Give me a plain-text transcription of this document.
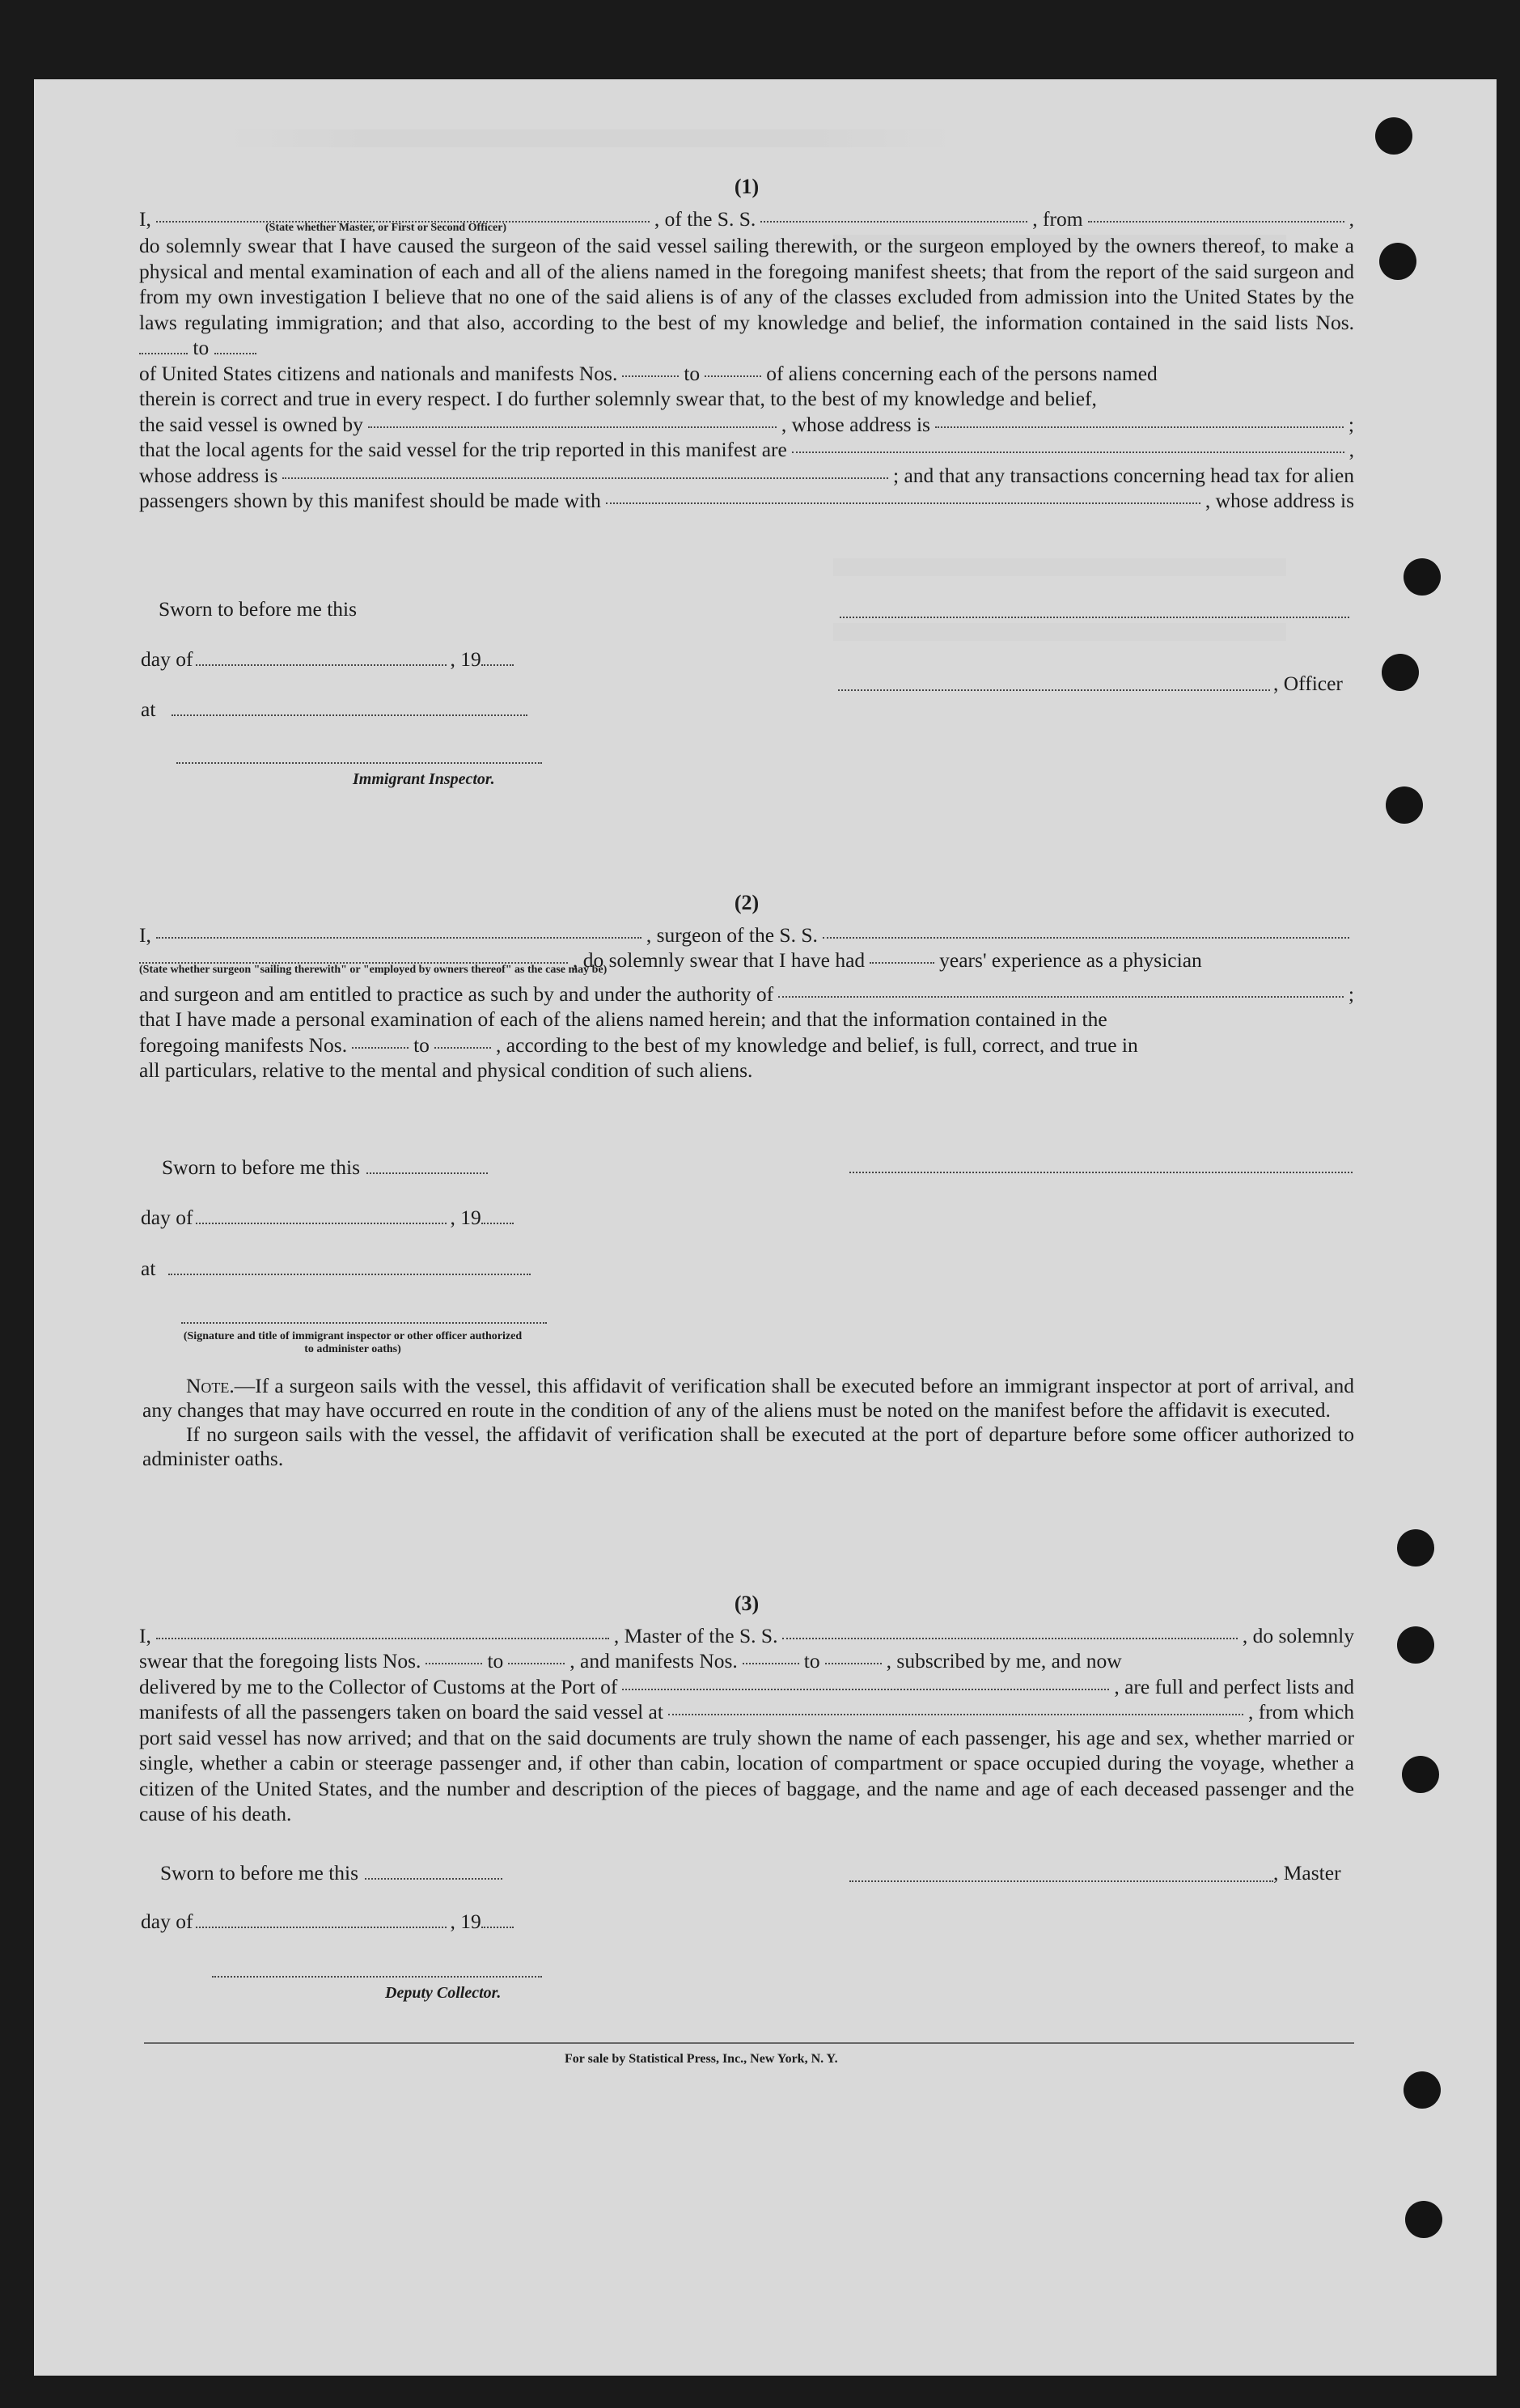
(1)
I,	, of the S. S.	, from	,
(State whether Master, or First or Second Officer)
do solemnly swear that I have caused the surgeon of the said vessel sailing therewith, or the surgeon employed by the owners thereof, to make a physical and mental examination of each and all of the aliens named in the foregoing manifest sheets; that from the report of the said surgeon and from my own investigation I believe that no one of the said aliens is of any of the classes excluded from admission into the United States by the laws regulating immigration; and that also, according to the best of my knowledge and belief, the information contained in the said lists Nos.  to
of United States citizens and nationals and manifests Nos.	to	of aliens concerning each of the persons named
therein is correct and true in every respect. I do further solemnly swear that, to the best of my knowledge and belief,
the said vessel is owned by	, whose address is	;
that the local agents for the said vessel for the trip reported in this manifest are	,
whose address is	; and that any transactions concerning head tax for alien
passengers shown by this manifest should be made with	, whose address is
Sworn to before me this
day of	, 19
, Officer
at
Immigrant Inspector.
(2)
I,	, surgeon of the S. S.
, do solemnly swear that I have had	years' experience as a physician
(State whether surgeon "sailing therewith" or "employed by owners thereof" as the case may be)
and surgeon and am entitled to practice as such by and under the authority of	;
that I have made a personal examination of each of the aliens named herein; and that the information contained in the
foregoing manifests Nos.	to	, according to the best of my knowledge and belief, is full, correct, and true in
all particulars, relative to the mental and physical condition of such aliens.
Sworn to before me this
day of	, 19
at
(Signature and title of immigrant inspector or other officer authorized to administer oaths)

Note.—If a surgeon sails with the vessel, this affidavit of verification shall be executed before an immigrant inspector at port of arrival, and any changes that may have occurred en route in the condition of any of the aliens must be noted on the manifest before the affidavit is executed.

If no surgeon sails with the vessel, the affidavit of verification shall be executed at the port of departure before some officer authorized to administer oaths.

(3)
I,	, Master of the S. S.	, do solemnly
swear that the foregoing lists Nos.	to	, and manifests Nos.	to	, subscribed by me, and now
delivered by me to the Collector of Customs at the Port of	, are full and perfect lists and
manifests of all the passengers taken on board the said vessel at	, from which
port said vessel has now arrived; and that on the said documents are truly shown the name of each passenger, his age and sex, whether married or single, whether a cabin or steerage passenger and, if other than cabin, location of compartment or space occupied during the voyage, whether a citizen of the United States, and the number and description of the pieces of baggage, and the name and age of each deceased passenger and the cause of his death.
Sworn to before me this	, Master
day of	, 19
Deputy Collector.
For sale by Statistical Press, Inc., New York, N. Y.
